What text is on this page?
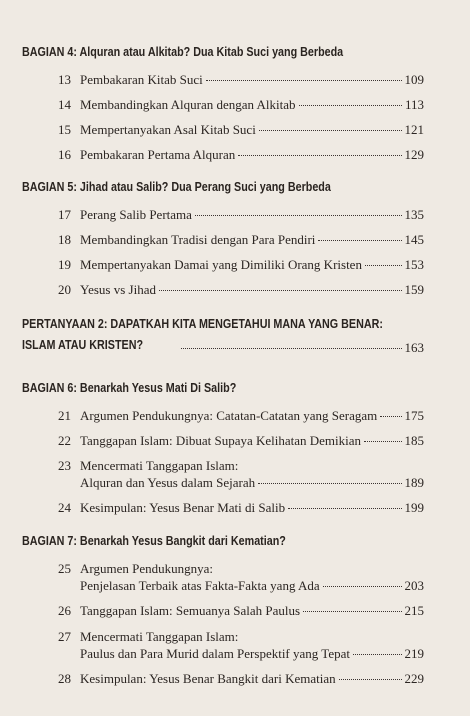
BAGIAN 4: Alquran atau Alkitab? Dua Kitab Suci yang Berbeda
13 Pembakaran Kitab Suci	109
14 Membandingkan Alquran dengan Alkitab	113
15 Mempertanyakan Asal Kitab Suci	121
16 Pembakaran Pertama Alquran	129
BAGIAN 5: Jihad atau Salib? Dua Perang Suci yang Berbeda
17 Perang Salib Pertama	135
18 Membandingkan Tradisi dengan Para Pendiri	145
19 Mempertanyakan Damai yang Dimiliki Orang Kristen	153
20 Yesus vs Jihad	159
PERTANYAAN 2: DAPATKAH KITA MENGETAHUI MANA YANG BENAR:
ISLAM ATAU KRISTEN?	163
BAGIAN 6: Benarkah Yesus Mati Di Salib?
21 Argumen Pendukungnya: Catatan-Catatan yang Seragam 175
22 Tanggapan Islam: Dibuat Supaya Kelihatan Demikian	185
23 Mencermati Tanggapan Islam:
Alquran dan Yesus dalam Sejarah	189
24 Kesimpulan: Yesus Benar Mati di Salib	199
BAGIAN 7: Benarkah Yesus Bangkit dari Kematian?
25 Argumen Pendukungnya:
Penjelasan Terbaik atas Fakta-Fakta yang Ada	203
26 Tanggapan Islam: Semuanya Salah Paulus	215
27 Mencermati Tanggapan Islam:
Paulus dan Para Murid dalam Perspektif yang Tepat	219
28 Kesimpulan: Yesus Benar Bangkit dari Kematian	229
